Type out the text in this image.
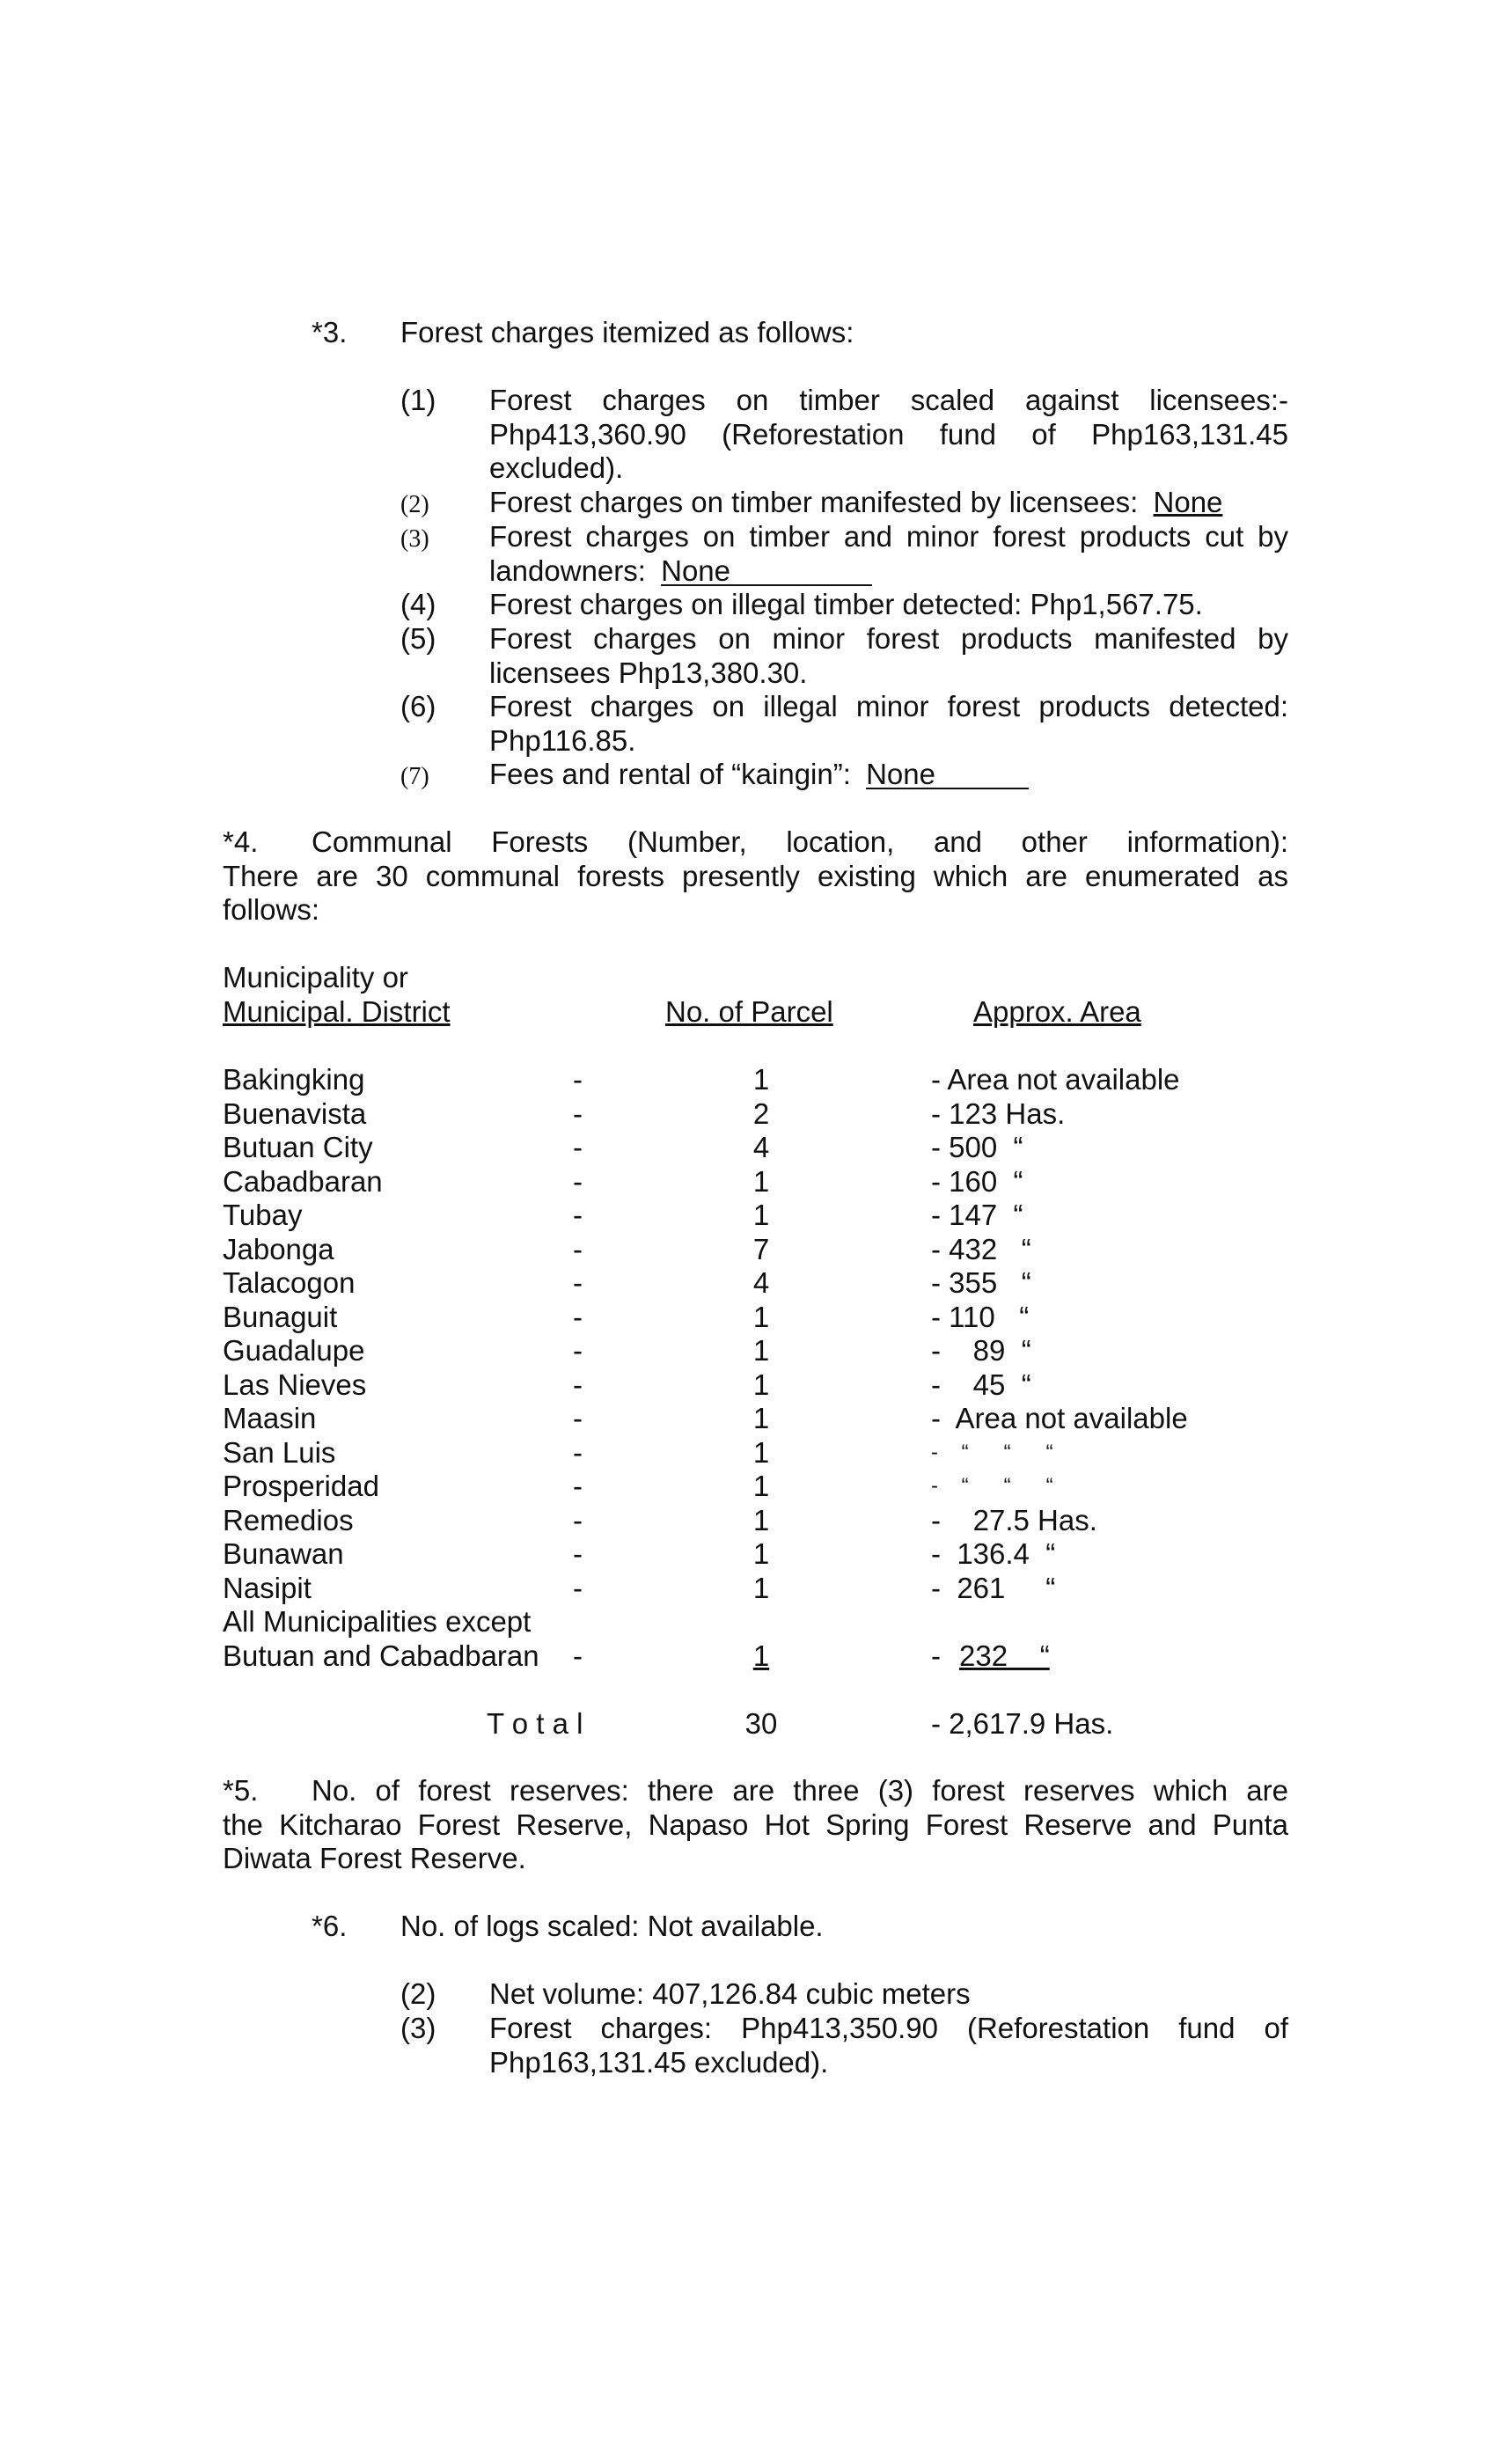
*3. Forest charges itemized as follows:
(1) Forest charges on timber scaled against licensees:-
Php413,360.90 (Reforestation fund of Php163,131.45
excluded).
(2) Forest charges on timber manifested by licensees: None
(3) Forest charges on timber and minor forest products cut by
landowners: None
(4) Forest charges on illegal timber detected: Php1,567.75.
(5) Forest charges on minor forest products manifested by
licensees Php13,380.30.
(6) Forest charges on illegal minor forest products detected:
Php116.85.
(7) Fees and rental of “kaingin”: None
*4. Communal Forests (Number, location, and other information):
There are 30 communal forests presently existing which are enumerated as
follows:
Municipality or
Municipal. District	No. of Parcel	Approx. Area
Bakingking	-	1	- Area not available
Buenavista	-	2	- 123 Has.
Butuan City	-	4	- 500  “
Cabadbaran	-	1	- 160  “
Tubay	-	1	- 147  “
Jabonga	-	7	- 432   “
Talacogon	-	4	- 355   “
Bunaguit	-	1	- 110   “
Guadalupe	-	1	-    89  “
Las Nieves	-	1	-    45  “
Maasin	-	1	-  Area not available
San Luis	-	1	-    “      “      “
Prosperidad	-	1	-    “      “      “
Remedios	-	1	-    27.5 Has.
Bunawan	-	1	-  136.4  “
Nasipit	-	1	-  261     “
All Municipalities except
Butuan and Cabadbaran -	1	- 232    “
T o t a l	30	- 2,617.9 Has.
*5. No. of forest reserves: there are three (3) forest reserves which are
the Kitcharao Forest Reserve, Napaso Hot Spring Forest Reserve and Punta
Diwata Forest Reserve.
*6. No. of logs scaled: Not available.
(2) Net volume: 407,126.84 cubic meters
(3) Forest charges: Php413,350.90 (Reforestation fund of
Php163,131.45 excluded).
